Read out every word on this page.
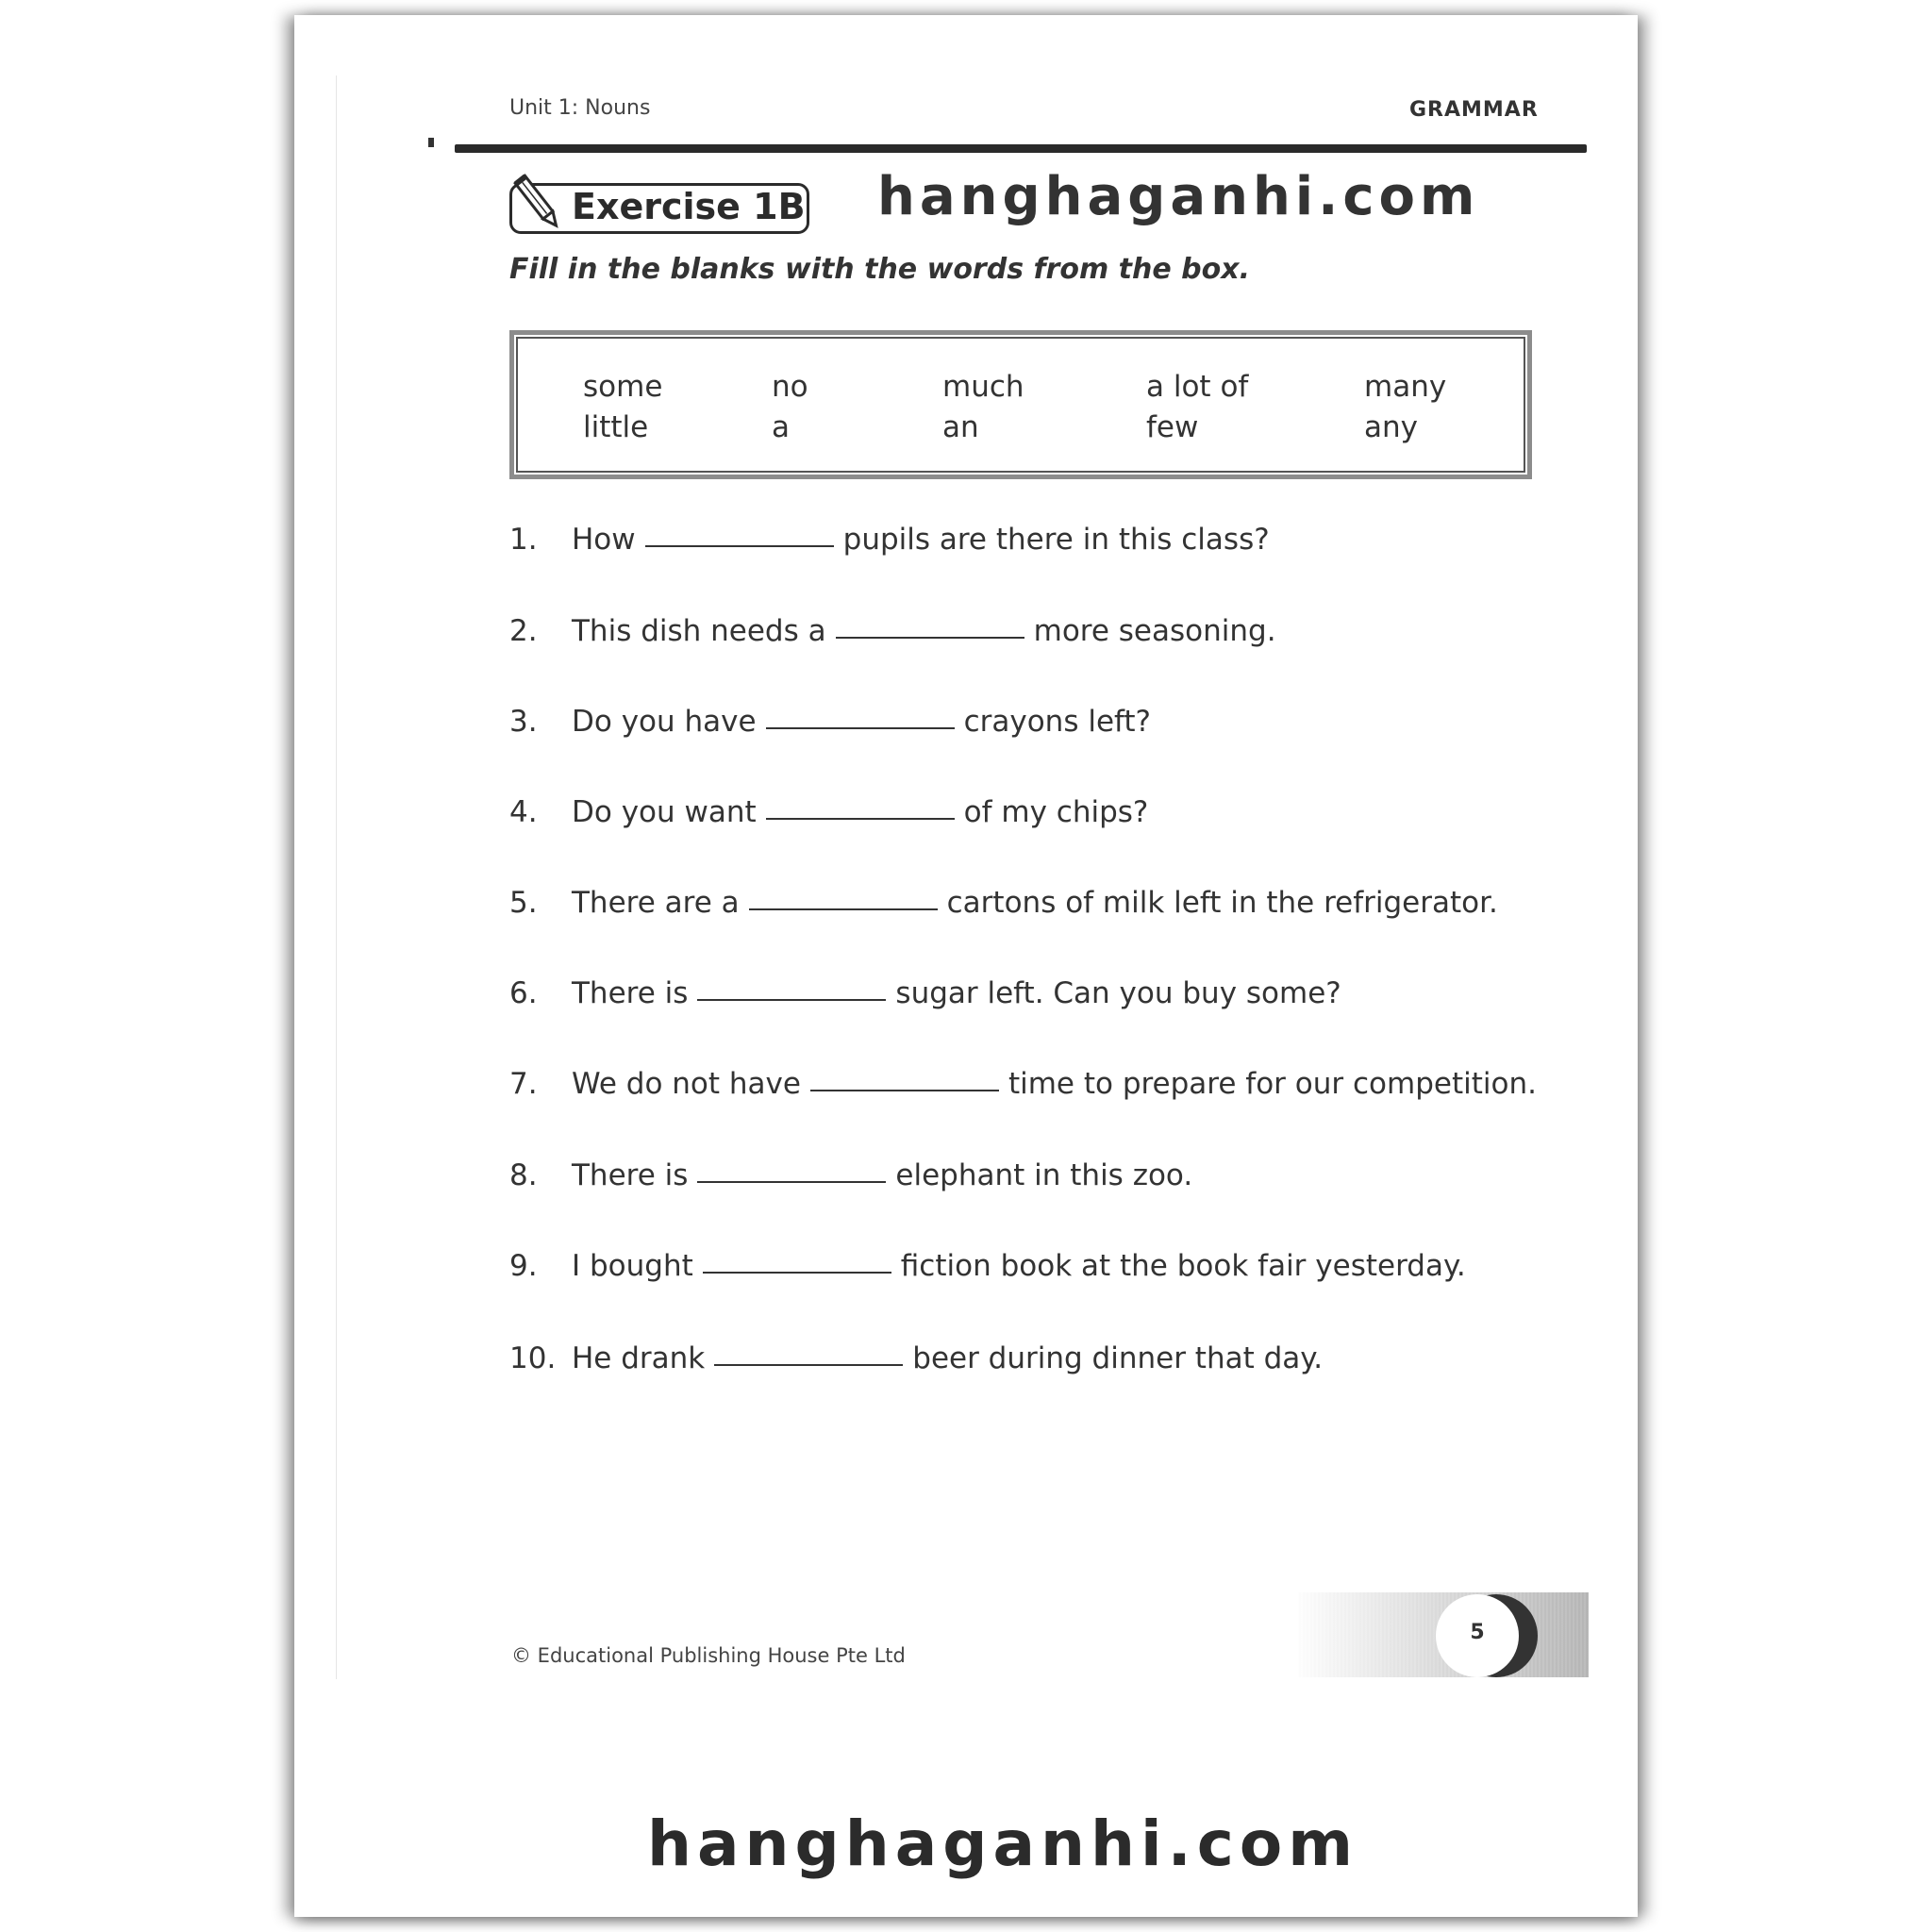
Unit 1: Nouns	GRAMMAR
Exercise 1B hanghaganhi.com
Fill in the blanks with the words from the box.
some	no	much	a lot of	many
little	a	an	few	any
1.	How	pupils are there in this class?
2.	This dish needs a	more seasoning.
3.	Do you have	crayons left?
4.	Do you want	of my chips?
5.	There are a	cartons of milk left in the refrigerator.
6.	There is	sugar left. Can you buy some?
7.	We do not have	time to prepare for our competition.
8.	There is	elephant in this zoo.
9.	I bought	fiction book at the book fair yesterday.
10. He drank	beer during dinner that day.
© Educational Publishing House Pte Ltd
5
hanghaganhi.com
